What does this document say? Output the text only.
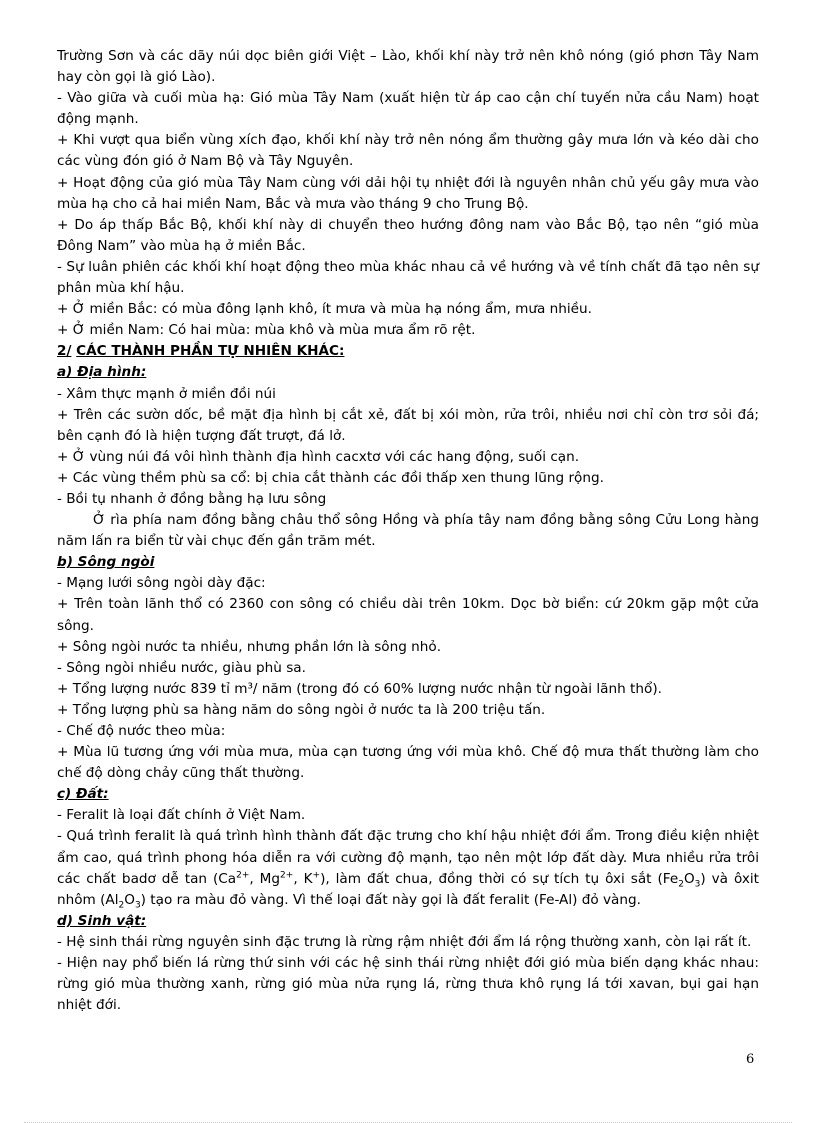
Trường Sơn và các dãy núi dọc biên giới Việt – Lào, khối khí này trở nên khô nóng (gió phơn Tây Nam hay còn gọi là gió Lào).

- Vào giữa và cuối mùa hạ: Gió mùa Tây Nam (xuất hiện từ áp cao cận chí tuyến nửa cầu Nam) hoạt động mạnh.

+ Khi vượt qua biển vùng xích đạo, khối khí này trở nên nóng ẩm thường gây mưa lớn và kéo dài cho các vùng đón gió ở Nam Bộ và Tây Nguyên.

+ Hoạt động của gió mùa Tây Nam cùng với dải hội tụ nhiệt đới là nguyên nhân chủ yếu gây mưa vào mùa hạ cho cả hai miền Nam, Bắc và mưa vào tháng 9 cho Trung Bộ.

+ Do áp thấp Bắc Bộ, khối khí này di chuyển theo hướng đông nam vào Bắc Bộ, tạo nên “gió mùa Đông Nam” vào mùa hạ ở miền Bắc.

- Sự luân phiên các khối khí hoạt động theo mùa khác nhau cả về hướng và về tính chất đã tạo nên sự phân mùa khí hậu.

+ Ở miền Bắc: có mùa đông lạnh khô, ít mưa và mùa hạ nóng ẩm, mưa nhiều.

+ Ở miền Nam: Có hai mùa: mùa khô và mùa mưa ẩm rõ rệt.

2/ CÁC THÀNH PHẦN TỰ NHIÊN KHÁC:

a) Địa hình:

- Xâm thực mạnh ở miền đồi núi

+ Trên các sườn dốc, bề mặt địa hình bị cắt xẻ, đất bị xói mòn, rửa trôi, nhiều nơi chỉ còn trơ sỏi đá; bên cạnh đó là hiện tượng đất trượt, đá lở.

+ Ở vùng núi đá vôi hình thành địa hình cacxtơ với các hang động, suối cạn.

+ Các vùng thềm phù sa cổ: bị chia cắt thành các đồi thấp xen thung lũng rộng.

- Bồi tụ nhanh ở đồng bằng hạ lưu sông

Ở rìa phía nam đồng bằng châu thổ sông Hồng và phía tây nam đồng bằng sông Cửu Long hàng năm lấn ra biển từ vài chục đến gần trăm mét.

b) Sông ngòi

- Mạng lưới sông ngòi dày đặc:

+ Trên toàn lãnh thổ có 2360 con sông có chiều dài trên 10km. Dọc bờ biển: cứ 20km gặp một cửa sông.

+ Sông ngòi nước ta nhiều, nhưng phần lớn là sông nhỏ.

- Sông ngòi nhiều nước, giàu phù sa.

+ Tổng lượng nước 839 tỉ m³/ năm (trong đó có 60% lượng nước nhận từ ngoài lãnh thổ).

+ Tổng lượng phù sa hàng năm do sông ngòi ở nước ta là 200 triệu tấn.

- Chế độ nước theo mùa:

+ Mùa lũ tương ứng với mùa mưa, mùa cạn tương ứng với mùa khô. Chế độ mưa thất thường làm cho chế độ dòng chảy cũng thất thường.

c) Đất:

- Feralit là loại đất chính ở Việt Nam.

- Quá trình feralit là quá trình hình thành đất đặc trưng cho khí hậu nhiệt đới ẩm. Trong điều kiện nhiệt ẩm cao, quá trình phong hóa diễn ra với cường độ mạnh, tạo nên một lớp đất dày. Mưa nhiều rửa trôi các chất badơ dễ $\tan (Ca^{2+}$, $Mg^{2+}$, K+), làm đất chua, đồng thời có sự tích tụ ôxi sắt $(Fe_2O_3)$ và ôxit nhôm $(Al_2O_3)$ tạo ra màu đỏ vàng. Vì thế loại đất này gọi là đất feralit (Fe-Al) đỏ vàng.

d) Sinh vật:

- Hệ sinh thái rừng nguyên sinh đặc trưng là rừng rậm nhiệt đới ẩm lá rộng thường xanh, còn lại rất ít.

- Hiện nay phổ biến lá rừng thứ sinh với các hệ sinh thái rừng nhiệt đới gió mùa biến dạng khác nhau: rừng gió mùa thường xanh, rừng gió mùa nửa rụng lá, rừng thưa khô rụng lá tới xavan, bụi gai hạn nhiệt đới.

6
